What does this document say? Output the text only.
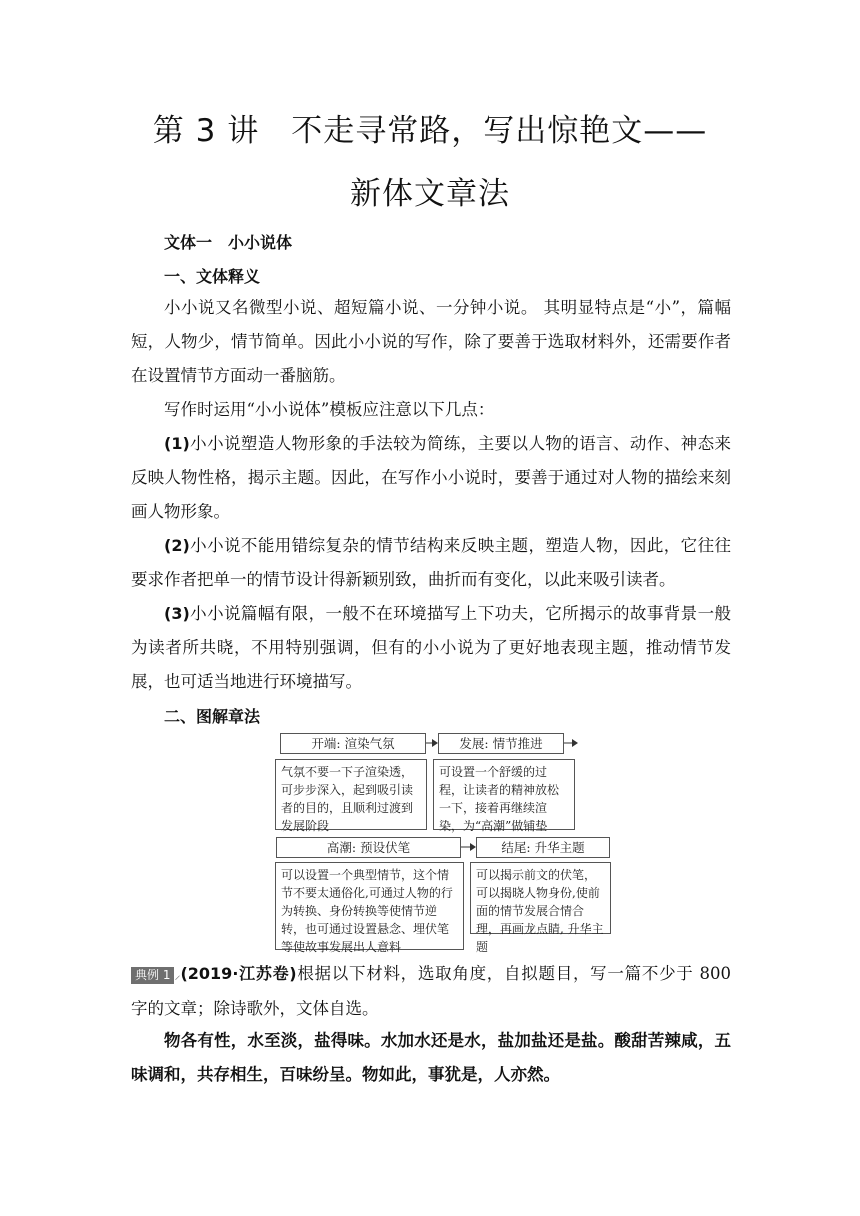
第 3 讲　不走寻常路，写出惊艳文——
新体文章法
文体一　小小说体
一、文体释义
小小说又名微型小说、超短篇小说、一分钟小说。 其明显特点是“小”，篇幅短，人物少，情节简单。因此小小说的写作，除了要善于选取材料外，还需要作者在设置情节方面动一番脑筋。
写作时运用“小小说体”模板应注意以下几点：
(1)小小说塑造人物形象的手法较为简练，主要以人物的语言、动作、神态来反映人物性格，揭示主题。因此，在写作小小说时，要善于通过对人物的描绘来刻画人物形象。
(2)小小说不能用错综复杂的情节结构来反映主题，塑造人物，因此，它往往要求作者把单一的情节设计得新颖别致，曲折而有变化，以此来吸引读者。
(3)小小说篇幅有限，一般不在环境描写上下功夫，它所揭示的故事背景一般为读者所共晓，不用特别强调，但有的小小说为了更好地表现主题，推动情节发展，也可适当地进行环境描写。
二、图解章法
开端: 渲染气氛
气氛不要一下子渲染透，可步步深入，起到吸引读者的目的，且顺利过渡到发展阶段
发展: 情节推进
可设置一个舒缓的过程，让读者的精神放松一下，接着再继续渲染，为“高潮”做铺垫
高潮: 预设伏笔
可以设置一个典型情节，这个情节不要太通俗化,可通过人物的行为转换、身份转换等使情节逆转，也可通过设置悬念、埋伏笔等使故事发展出人意料
结尾: 升华主题
可以揭示前文的伏笔，可以揭晓人物身份,使前面的情节发展合情合理，再画龙点睛, 升华主题
典例 1 ⸝(2019·江苏卷)根据以下材料，选取角度，自拟题目，写一篇不少于 800 字的文章；除诗歌外，文体自选。
物各有性，水至淡，盐得味。水加水还是水，盐加盐还是盐。酸甜苦辣咸，五味调和，共存相生，百味纷呈。物如此，事犹是，人亦然。
